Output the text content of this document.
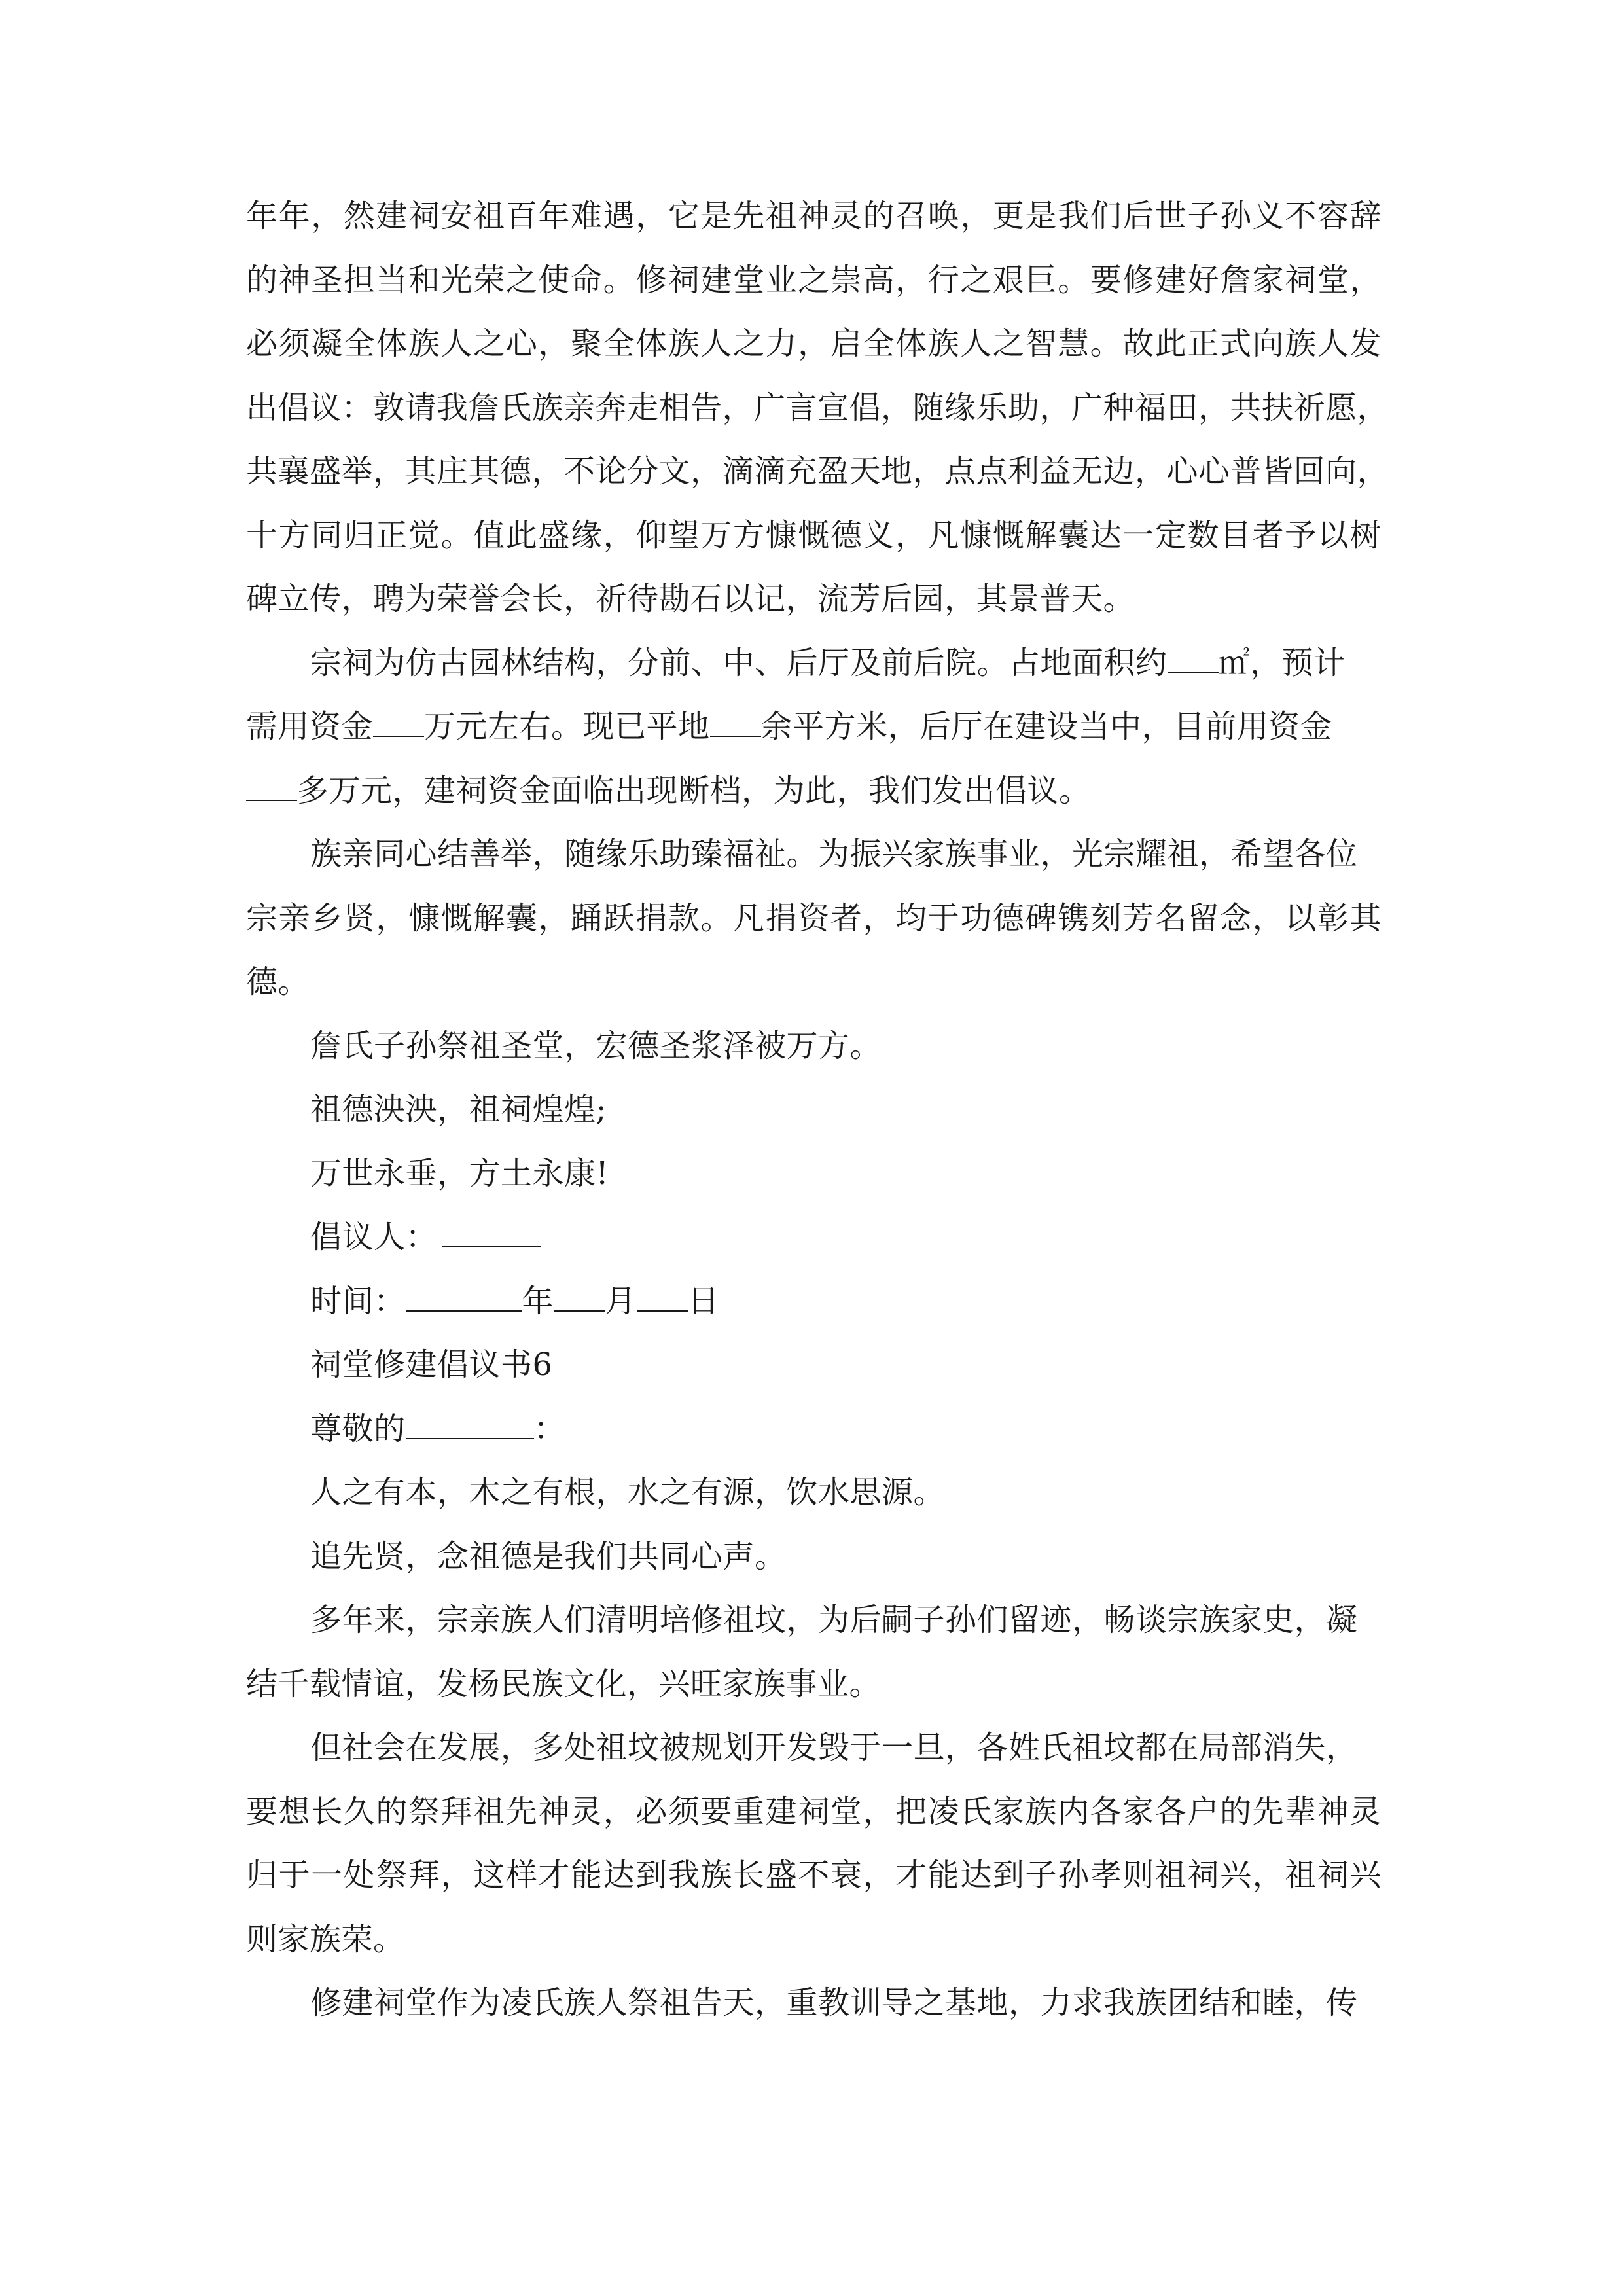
年年，然建祠安祖百年难遇，它是先祖神灵的召唤，更是我们后世子孙义不容辞
的神圣担当和光荣之使命。修祠建堂业之崇高，行之艰巨。要修建好詹家祠堂，
必须凝全体族人之心，聚全体族人之力，启全体族人之智慧。故此正式向族人发
出倡议：敦请我詹氏族亲奔走相告，广言宣倡，随缘乐助，广种福田，共扶祈愿，
共襄盛举，其庄其德，不论分文，滴滴充盈天地，点点利益无边，心心普皆回向，
十方同归正觉。值此盛缘，仰望万方慷慨德义，凡慷慨解囊达一定数目者予以树
碑立传，聘为荣誉会长，祈待勘石以记，流芳后园，其景普天。
宗祠为仿古园林结构，分前、中、后厅及前后院。占地面积约 ㎡，预计
需用资金 万元左右。现已平地 余平方米，后厅在建设当中，目前用资金
多万元，建祠资金面临出现断档，为此，我们发出倡议。
族亲同心结善举，随缘乐助臻福祉。为振兴家族事业，光宗耀祖，希望各位
宗亲乡贤，慷慨解囊，踊跃捐款。凡捐资者，均于功德碑镌刻芳名留念，以彰其
德。
詹氏子孙祭祖圣堂，宏德圣浆泽被万方。
祖德泱泱，祖祠煌煌;
万世永垂，方土永康!
倡议人：
时间：	年 月 日
祠堂修建倡议书6
尊敬的	：
人之有本，木之有根，水之有源，饮水思源。
追先贤，念祖德是我们共同心声。
多年来，宗亲族人们清明培修祖坟，为后嗣子孙们留迹，畅谈宗族家史，凝
结千载情谊，发杨民族文化，兴旺家族事业。
但社会在发展，多处祖坟被规划开发毁于一旦，各姓氏祖坟都在局部消失，
要想长久的祭拜祖先神灵，必须要重建祠堂，把凌氏家族内各家各户的先辈神灵
归于一处祭拜，这样才能达到我族长盛不衰，才能达到子孙孝则祖祠兴，祖祠兴
则家族荣。
修建祠堂作为凌氏族人祭祖告天，重教训导之基地，力求我族团结和睦，传
